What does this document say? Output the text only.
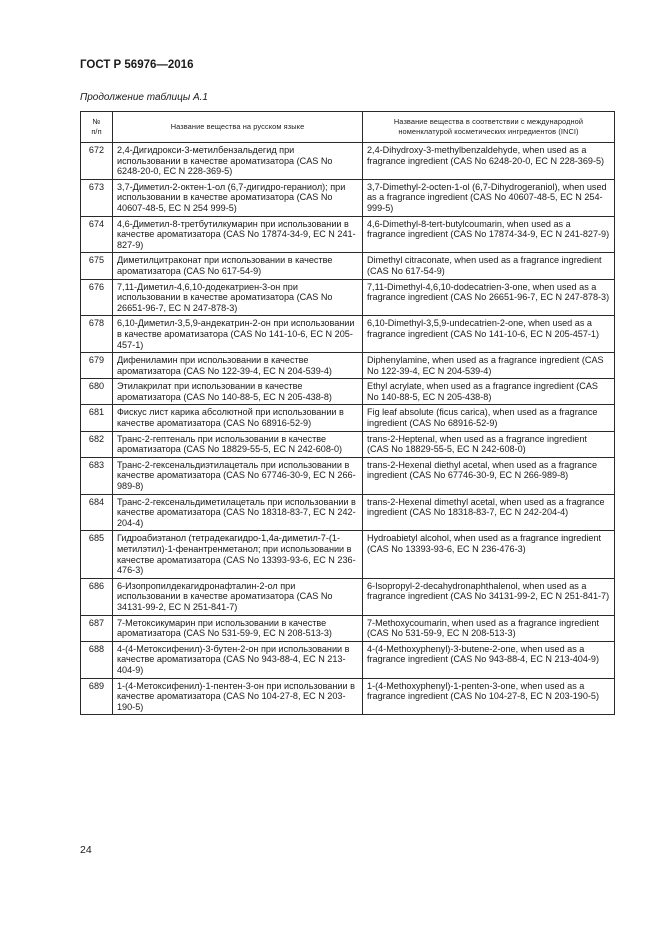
ГОСТ Р 56976—2016
Продолжение таблицы А.1
№
п/п	Название вещества на русском языке	Название вещества в соответствии с международной номенклатурой косметических ингредиентов (INCI)
672	2,4-Дигидрокси-3-метилбензальдегид при использовании в качестве ароматизатора (CAS No 6248-20-0, EC N 228-369-5)	2,4-Dihydroxy-3-methylbenzaldehyde, when used as a fragrance ingredient (CAS No 6248-20-0, EC N 228-369-5)
673	3,7-Диметил-2-октен-1-ол (6,7-дигидро-гераниол); при использовании в качестве ароматизатора (CAS No 40607-48-5, EC N 254 999-5)	3,7-Dimethyl-2-octen-1-ol (6,7-Dihydrogeraniol), when used as a fragrance ingredient (CAS No 40607-48-5, EC N 254-999-5)
674	4,6-Диметил-8-третбутилкумарин при использовании в качестве ароматизатора (CAS No 17874-34-9, EC N 241-827-9)	4,6-Dimethyl-8-tert-butylcoumarin, when used as a fragrance ingredient (CAS No 17874-34-9, EC N 241-827-9)
675	Диметилцитраконат при использовании в качестве ароматизатора (CAS No 617-54-9)	Dimethyl citraconate, when used as a fragrance ingredient (CAS No 617-54-9)
676	7,11-Диметил-4,6,10-додекатриен-3-он при использовании в качестве ароматизатора (CAS No 26651-96-7, EC N 247-878-3)	7,11-Dimethyl-4,6,10-dodecatrien-3-one, when used as a fragrance ingredient (CAS No 26651-96-7, EC N 247-878-3)
678	6,10-Диметил-3,5,9-андекатрин-2-он при использовании в качестве ароматизатора (CAS No 141-10-6, EC N 205-457-1)	6,10-Dimethyl-3,5,9-undecatrien-2-one, when used as a fragrance ingredient (CAS No 141-10-6, EC N 205-457-1)
679	Дифениламин при использовании в качестве ароматизатора (CAS No 122-39-4, EC N 204-539-4)	Diphenylamine, when used as a fragrance ingredient (CAS No 122-39-4, EC N 204-539-4)
680	Этилакрилат при использовании в качестве ароматизатора (CAS No 140-88-5, EC N 205-438-8)	Ethyl acrylate, when used as a fragrance ingredient (CAS No 140-88-5, EC N 205-438-8)
681	Фискус лист карика абсолютной при использовании в качестве ароматизатора (CAS No 68916-52-9)	Fig leaf absolute (ficus carica), when used as a fragrance ingredient (CAS No 68916-52-9)
682	Транс-2-гептеналь при использовании в качестве ароматизатора (CAS No 18829-55-5, EC N 242-608-0)	trans-2-Heptenal, when used as a fragrance ingredient (CAS No 18829-55-5, EC N 242-608-0)
683	Транс-2-гексенальдиэтилацеталь при использовании в качестве ароматизатора (CAS No 67746-30-9, EC N 266-989-8)	trans-2-Hexenal diethyl acetal, when used as a fragrance ingredient (CAS No 67746-30-9, EC N 266-989-8)
684	Транс-2-гексенальдиметилацеталь при использовании в качестве ароматизатора (CAS No 18318-83-7, EC N 242-204-4)	trans-2-Hexenal dimethyl acetal, when used as a fragrance ingredient (CAS No 18318-83-7, EC N 242-204-4)
685	Гидроабиэтанол (тетрадекагидро-1,4а-диметил-7-(1-метилэтил)-1-фенантренметанол; при использовании в качестве ароматизатора (CAS No 13393-93-6, EC N 236-476-3)	Hydroabietyl alcohol, when used as a fragrance ingredient (CAS No 13393-93-6, EC N 236-476-3)
686	6-Изопропилдекагидронафталин-2-ол при использовании в качестве ароматизатора (CAS No 34131-99-2, EC N 251-841-7)	6-Isopropyl-2-decahydronaphthalenol, when used as a fragrance ingredient (CAS No 34131-99-2, EC N 251-841-7)
687	7-Метоксикумарин при использовании в качестве ароматизатора (CAS No 531-59-9, EC N 208-513-3)	7-Methoxycoumarin, when used as a fragrance ingredient (CAS No 531-59-9, EC N 208-513-3)
688	4-(4-Метоксифенил)-3-бутен-2-он при использовании в качестве ароматизатора (CAS No 943-88-4, EC N 213-404-9)	4-(4-Methoxyphenyl)-3-butene-2-one, when used as a fragrance ingredient (CAS No 943-88-4, EC N 213-404-9)
689	1-(4-Метоксифенил)-1-пентен-3-он при использовании в качестве ароматизатора (CAS No 104-27-8, EC N 203-190-5)	1-(4-Methoxyphenyl)-1-penten-3-one, when used as a fragrance ingredient (CAS No 104-27-8, EC N 203-190-5)
24
